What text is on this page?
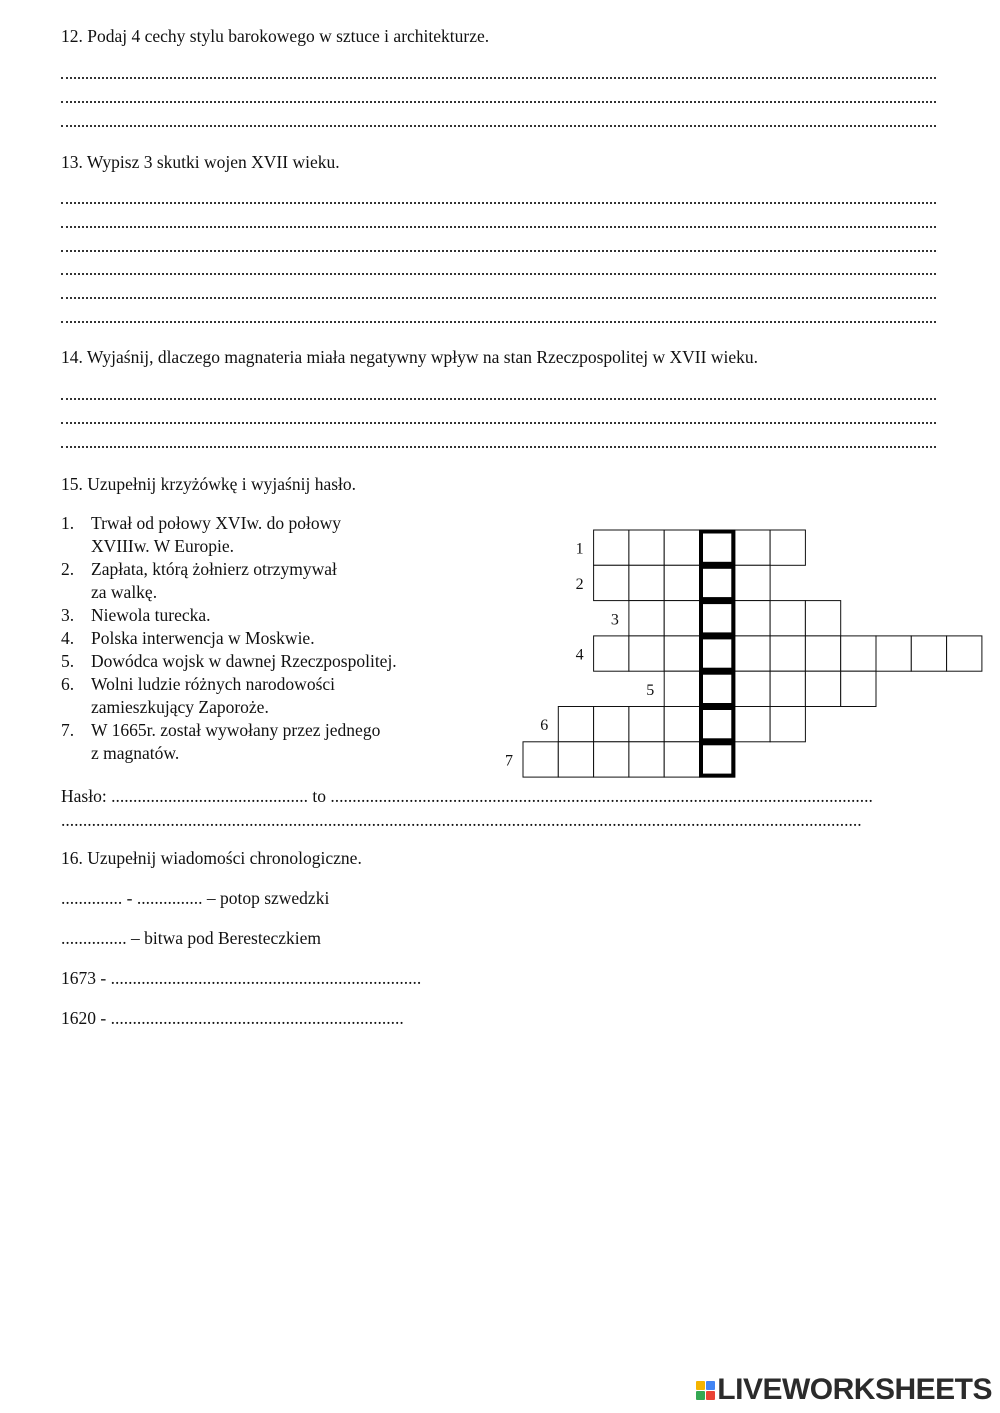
12. Podaj 4 cechy stylu barokowego w sztuce i architekturze.
13. Wypisz 3 skutki wojen XVII wieku.
14. Wyjaśnij, dlaczego magnateria miała negatywny wpływ na stan Rzeczpospolitej w XVII wieku.
15. Uzupełnij krzyżówkę i wyjaśnij hasło.
1. Trwał od połowy XVIw. do połowy
XVIIIw. W Europie.
2. Zapłata, którą żołnierz otrzymywał
za walkę.
3. Niewola turecka.
4. Polska interwencja w Moskwie.
5. Dowódca wojsk w dawnej Rzeczpospolitej.
6. Wolni ludzie różnych narodowości
zamieszkujący Zaporoże.
7. W 1665r. został wywołany przez jednego
z magnatów.
1
2
3
4
5
6
7
Hasło: ............................................. to ............................................................................................................................
.......................................................................................................................................................................................
16. Uzupełnij wiadomości chronologiczne.
.............. - ............... – potop szwedzki
............... – bitwa pod Beresteczkiem
1673 - .......................................................................
1620 - ...................................................................
LIVEWORKSHEETS
